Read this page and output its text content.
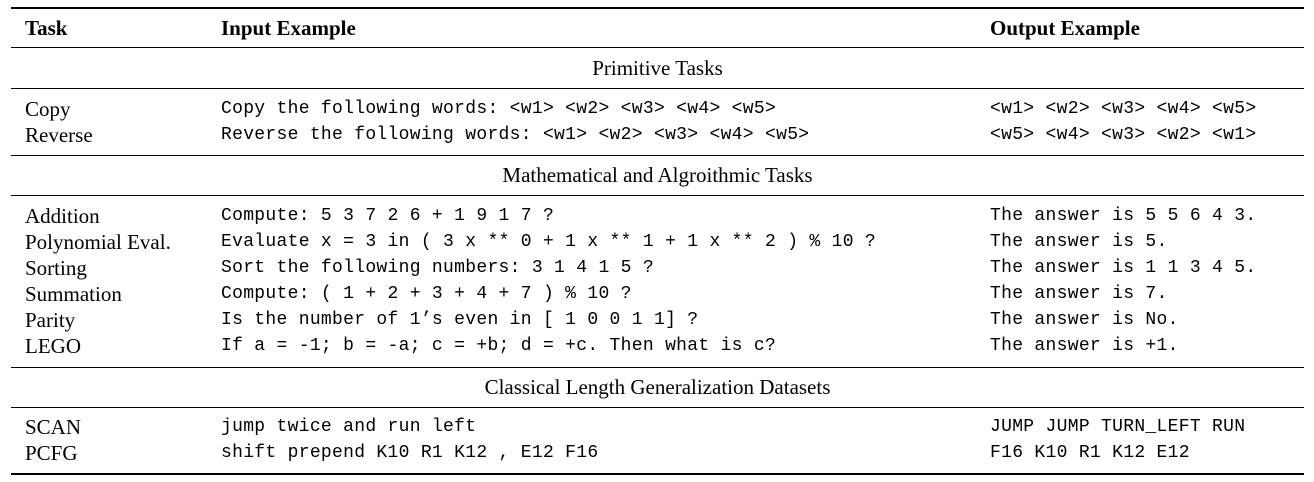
Task	Input Example	Output Example
Primitive Tasks
Copy	Copy the following words: <w1> <w2> <w3> <w4> <w5>	<w1> <w2> <w3> <w4> <w5>
Reverse	Reverse the following words: <w1> <w2> <w3> <w4> <w5>	<w5> <w4> <w3> <w2> <w1>
Mathematical and Algroithmic Tasks
Addition	Compute: 5 3 7 2 6 + 1 9 1 7 ?	The answer is 5 5 6 4 3.
Polynomial Eval.	Evaluate x = 3 in ( 3 x ** 0 + 1 x ** 1 + 1 x ** 2 ) % 10 ?	The answer is 5.
Sorting	Sort the following numbers: 3 1 4 1 5 ?	The answer is 1 1 3 4 5.
Summation	Compute: ( 1 + 2 + 3 + 4 + 7 ) % 10 ?	The answer is 7.
Parity	Is the number of 1’s even in [ 1 0 0 1 1] ?	The answer is No.
LEGO	If a = -1; b = -a; c = +b; d = +c. Then what is c?	The answer is +1.
Classical Length Generalization Datasets
SCAN	jump twice and run left	JUMP JUMP TURN_LEFT RUN
PCFG	shift prepend K10 R1 K12 , E12 F16	F16 K10 R1 K12 E12
